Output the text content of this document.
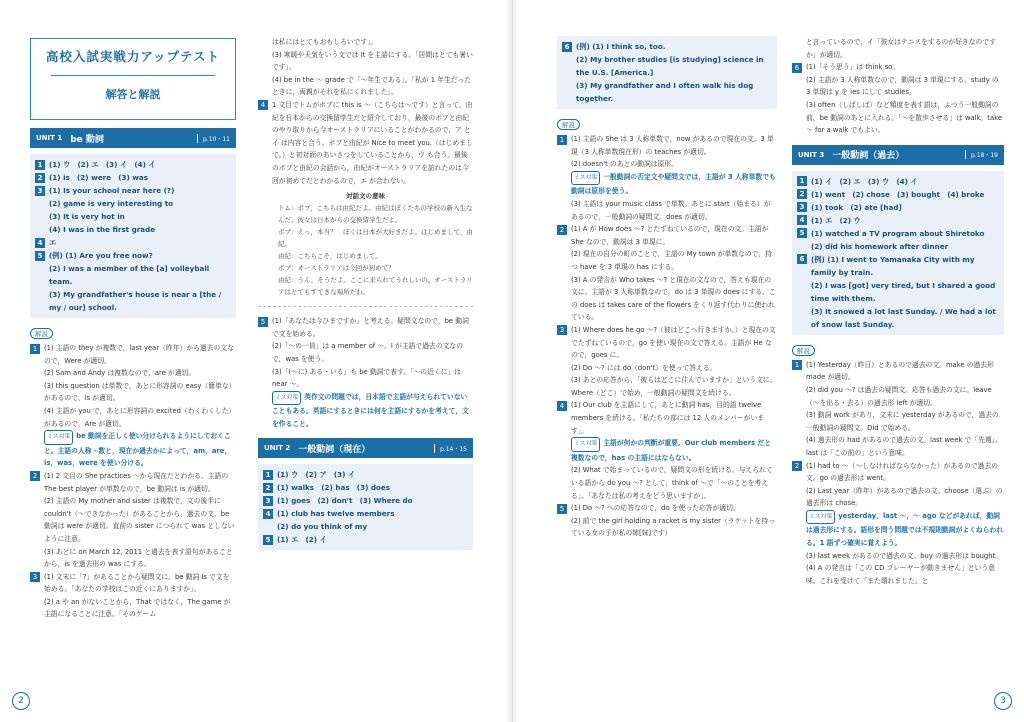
高校入試実戦力アップテスト
解答と解説
UNIT 1 be 動詞	p.10・11
1 (1) ウ　(2) エ　(3) イ　(4) イ
2 (1) is　(2) were　(3) was
3 (1) Is your school near here (?)
(2) game is very interesting to
(3) It is very hot in
(4) I was in the first grade
4 エ
5 (例) (1) Are you free now?
(2) I was a member of the [a] volleyball team.
(3) My grandfather's house is near a [the / my / our] school.
解説
1 (1) 主語の they が複数で，last year（昨年）から過去の文なので，Were が適切。
(2) Sam and Andy は複数なので，are が適切。
(3) this question は単数で，あとに形容詞の easy（簡単な）があるので，is が適切。
(4) 主語が you で，あとに形容詞の excited（わくわくした）があるので，Are が適切。
ミス対策 be 動詞を正しく使い分けられるようにしておくこと。主語の人称・数と，現在か過去かによって，am，are，is，was，were を使い分ける。
2 (1) 2 文目の She practices ～から現在だとわかる。主語の The best player が単数なので，be 動詞は is が適切。
(2) 主語の My mother and sister は複数で，文の後半に couldn't（～できなかった）があることから，過去の文。be 動詞は were が適切。直前の sister につられて was としないように注意。
(3) あとに on March 12, 2011 と過去を表す語句があることから，is を過去形の was にする。
3 (1) 文末に「?」があることから疑問文に。be 動詞 Is で文を始める。「あなたの学校はこの近くにありますか」。
(2) a や an がないことから，That ではなく，The game が主語になることに注意。「そのゲーム
は私にはとてもおもしろいです」。
(3) 寒暖や天気をいう文では It を主語にする。「居間はとても暑いです」。
(4) be in the ～ grade で「～年生である」。「私が 1 年生だったときに，両親がそれを私にくれました」。
4 1 文目でトムがボブに this is ～（こちらは～です）と言って，由紀を日本からの交換留学生だと紹介しており，最後のボブと由紀のやり取りから今オーストラリアにいることがわかるので，ア とイ は内容と合う。ボブと由紀が Nice to meet you.（はじめまして。）と初対面のあいさつをしていることから，ウ も合う。最後のボブと由紀の会話から，由紀がオーストラリアを訪れたのは今回が初めてだとわかるので，エ が合わない。
対話文の意味
トム：ボブ，こちらは由紀だよ。由紀はぼくたちの学校の新入生なんだ。彼女は日本からの交換留学生だよ。
ボブ：えっ，本当？　ぼくは日本が大好きだよ。はじめまして，由紀。
由紀：こちらこそ，はじめまして。
ボブ：オーストラリアは今回が初めて？
由紀：うん，そうだよ。ここに来られてうれしいの。オーストラリアはとてもすてきな場所だわ。
5 (1)「あなたは今ひまですか」と考える。疑問文なので，be 動詞で文を始める。
(2)「～の一員」は a member of ～。I が主語で過去の文なので，was を使う。
(3)「(～に) ある・いる」も be 動詞で表す。「～の近くに」は near ～。
ミス対策 英作文の問題では，日本語で主語が与えられていないこともある。英語にするときには何を主語にするかを考えて，文を作ること。
UNIT 2 一般動詞（現在）	p.14・15
1 (1) ウ　(2) ア　(3) イ
2 (1) walks　(2) has　(3) does
3 (1) goes　(2) don't　(3) Where do
4 (1) club has twelve members
(2) do you think of my
5 (1) エ　(2) イ
2
6 (例) (1) I think so, too.
(2) My brother studies [is studying] science in the U.S. [America.]
(3) My grandfather and I often walk his dog together.
解説
1 (1) 主語の She は 3 人称単数で，now があるので現在の文。3 単現（3 人称単数現在形）の teaches が適切。
(2) doesn't のあとの動詞は原形。
ミス対策 一般動詞の否定文や疑問文では，主語が 3 人称単数でも動詞は原形を使う。
(3) 主語は your music class で単数。あとに start（始まる）があるので，一般動詞の疑問文。does が適切。
2 (1) A が How does ～? とたずねているので，現在の文。主語が She なので，動詞は 3 単現に。
(2) 現在の自分の町のことで，主語の My town が単数なので，持つ have を 3 単現の has にする。
(3) A の発言が Who takes ～? と現在の文なので，答えも現在の文に。主語が 3 人称単数なので，do は 3 単現の does にする。この does は takes care of the flowers をくり返す代わりに使われている。
3 (1) Where does he go ～?（彼はどこへ行きますか。）と現在の文でたずねているので，go を使い現在の文で答える。主語が He なので，goes に。
(2) Do ～? には do（don't）を使って答える。
(3) あとの応答から，「彼らはどこに住んでいますか」という文に。Where（どこ）で始め，一般動詞の疑問文を続ける。
4 (1) Our club を主語にして，あとに動詞 has，目的語 twelve members を続ける。「私たちの部には 12 人のメンバーがいます」。
ミス対策 主語が何かの判断が重要。Our club members だと複数なので，has の主語にはならない。
(2) What で始まっているので，疑問文の形を続ける。与えられている語から do you ～? として，think of ～で「～のことを考える」。「あなたは私の考えをどう思いますか」。
5 (1) Do ～? への応答なので，do を使った応答が適切。
(2) 前で the girl holding a racket is my sister（ラケットを持っている女の子が私の姉[妹]です）
と言っているので，イ「彼女はテニスをするのが好きなのですか」が適切。
6 (1)「そう思う」は think so。
(2) 主語が 3 人称単数なので，動詞は 3 単現にする。study の 3 単現は y を ies にして studies。
(3) often（しばしば）など頻度を表す語は，ふつう一般動詞の前，be 動詞のあとに入れる。「～を散歩させる」は walk。take ～ for a walk でもよい。
UNIT 3 一般動詞（過去）	p.18・19
1 (1) イ　(2) エ　(3) ウ　(4) イ
2 (1) went　(2) chose　(3) bought　(4) broke
3 (1) took　(2) ate [had]
4 (1) エ　(2) ウ
5 (1) watched a TV program about Shiretoko
(2) did his homework after dinner
6 (例) (1) I went to Yamanaka City with my family by train.
(2) I was [got] very tired, but I shared a good time with them.
(3) It snowed a lot last Sunday. / We had a lot of snow last Sunday.
解説
1 (1) Yesterday（昨日）とあるので過去の文。make の過去形 made が適切。
(2) did you ～? は過去の疑問文。応答も過去の文に。leave（～を出る・去る）の過去形 left が適切。
(3) 動詞 work があり，文末に yesterday があるので，過去の一般動詞の疑問文。Did で始める。
(4) 過去形の had があるので過去の文。last week で「先週」。last は「この前の」という意味。
2 (1) had to ～（～しなければならなかった）があるので過去の文。go の過去形は went。
(2) Last year（昨年）があるので過去の文。choose（選ぶ）の過去形は chose。
ミス対策 yesterday，last ～，～ ago などがあれば，動詞は過去形にする。語形を問う問題では不規則動詞がよくねらわれる。1 語ずつ確実に覚えよう。
(3) last week があるので過去の文。buy の過去形は bought。
(4) A の発言は「この CD プレーヤーが動きません」という意味。これを受けて「また壊れました」と
3
